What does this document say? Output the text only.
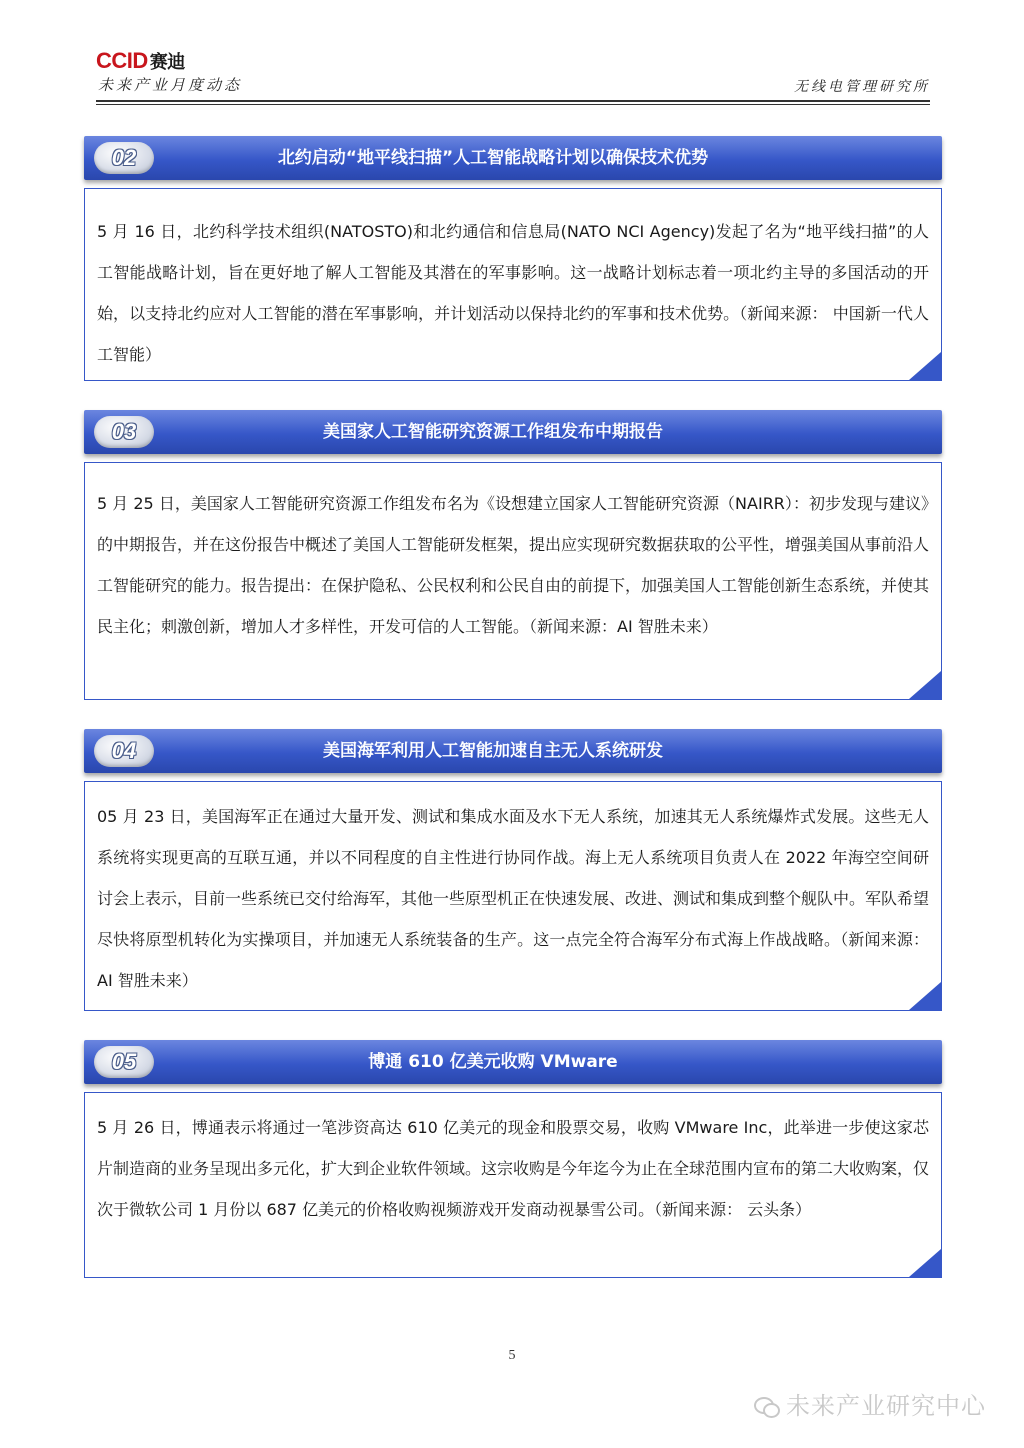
CCID 赛迪
未来产业月度动态	无线电管理研究所
02	北约启动“地平线扫描”人工智能战略计划以确保技术优势
5 月 16 日，北约科学技术组织(NATOSTO)和北约通信和信息局(NATO NCI Agency)发起了名为“地平线扫描”的人工智能战略计划，旨在更好地了解人工智能及其潜在的军事影响。这一战略计划标志着一项北约主导的多国活动的开始，以支持北约应对人工智能的潜在军事影响，并计划活动以保持北约的军事和技术优势。（新闻来源： 中国新一代人工智能）
03	美国家人工智能研究资源工作组发布中期报告
5 月 25 日，美国家人工智能研究资源工作组发布名为《设想建立国家人工智能研究资源（NAIRR）：初步发现与建议》的中期报告，并在这份报告中概述了美国人工智能研发框架，提出应实现研究数据获取的公平性，增强美国从事前沿人工智能研究的能力。报告提出：在保护隐私、公民权利和公民自由的前提下，加强美国人工智能创新生态系统，并使其民主化；刺激创新，增加人才多样性，开发可信的人工智能。（新闻来源：AI 智胜未来）
04	美国海军利用人工智能加速自主无人系统研发
05 月 23 日，美国海军正在通过大量开发、测试和集成水面及水下无人系统，加速其无人系统爆炸式发展。这些无人系统将实现更高的互联互通，并以不同程度的自主性进行协同作战。海上无人系统项目负责人在 2022 年海空空间研讨会上表示，目前一些系统已交付给海军，其他一些原型机正在快速发展、改进、测试和集成到整个舰队中。军队希望尽快将原型机转化为实操项目，并加速无人系统装备的生产。这一点完全符合海军分布式海上作战战略。（新闻来源： AI 智胜未来）
05	博通 610 亿美元收购 VMware
5 月 26 日，博通表示将通过一笔涉资高达 610 亿美元的现金和股票交易，收购 VMware Inc，此举进一步使这家芯片制造商的业务呈现出多元化，扩大到企业软件领域。这宗收购是今年迄今为止在全球范围内宣布的第二大收购案，仅次于微软公司 1 月份以 687 亿美元的价格收购视频游戏开发商动视暴雪公司。（新闻来源： 云头条）
5
未来产业研究中心
